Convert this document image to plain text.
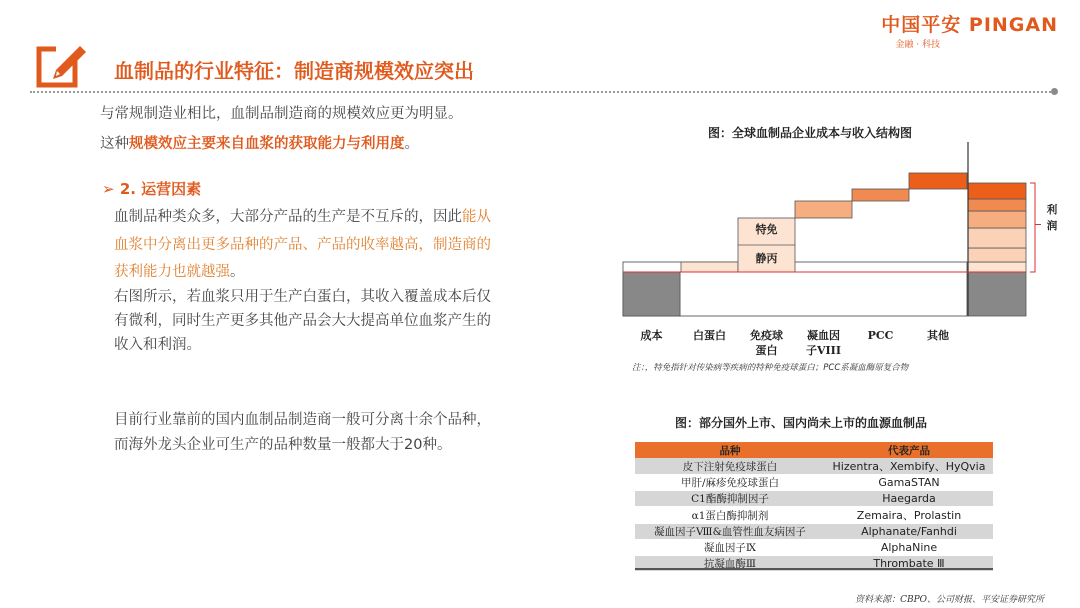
中国平安 PINGAN
金融 · 科技
血制品的行业特征：制造商规模效应突出
与常规制造业相比，血制品制造商的规模效应更为明显。
这种规模效应主要来自血浆的获取能力与利用度。
➢ 2. 运营因素
血制品种类众多，大部分产品的生产是不互斥的，因此能从
血浆中分离出更多品种的产品、产品的收率越高，制造商的
获利能力也就越强。
右图所示，若血浆只用于生产白蛋白，其收入覆盖成本后仅
有微利，同时生产更多其他产品会大大提高单位血浆产生的
收入和利润。
目前行业靠前的国内血制品制造商一般可分离十余个品种，
而海外龙头企业可生产的品种数量一般都大于20种。
图：全球血制品企业成本与收入结构图
特免
静丙
利
润
成本	白蛋白 免疫球
蛋白
凝血因
子VIII
PCC	其他
注：，特免指针对传染病等疾病的特种免疫球蛋白；PCC系凝血酶原复合物
图：部分国外上市、国内尚未上市的血源血制品
品种	代表产品
皮下注射免疫球蛋白	Hizentra、Xembify、HyQvia
甲肝/麻疹免疫球蛋白	GamaSTAN
C1酯酶抑制因子	Haegarda
α1蛋白酶抑制剂	Zemaira、Prolastin
凝血因子Ⅷ&血管性血友病因子	Alphanate/Fanhdi
凝血因子Ⅸ	AlphaNine
抗凝血酶Ⅲ	Thrombate Ⅲ
资料来源：CBPO、公司财报、平安证券研究所
